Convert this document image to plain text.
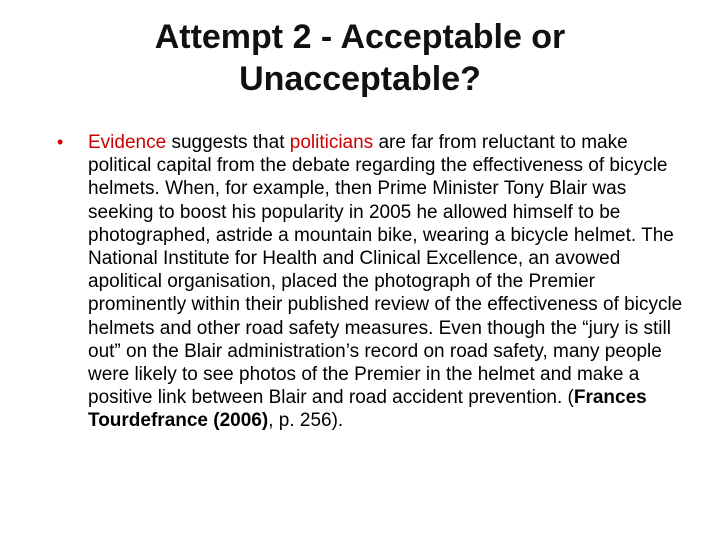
Attempt 2 - Acceptable or
Unacceptable?
• Evidence suggests that politicians are far from reluctant to make political capital from the debate regarding the effectiveness of bicycle helmets. When, for example, then Prime Minister Tony Blair was seeking to boost his popularity in 2005 he allowed himself to be photographed, astride a mountain bike, wearing a bicycle helmet. The National Institute for Health and Clinical Excellence, an avowed apolitical organisation, placed the photograph of the Premier prominently within their published review of the effectiveness of bicycle helmets and other road safety measures. Even though the “jury is still out” on the Blair administration’s record on road safety, many people were likely to see photos of the Premier in the helmet and make a positive link between Blair and road accident prevention. (Frances Tourdefrance (2006), p. 256).
